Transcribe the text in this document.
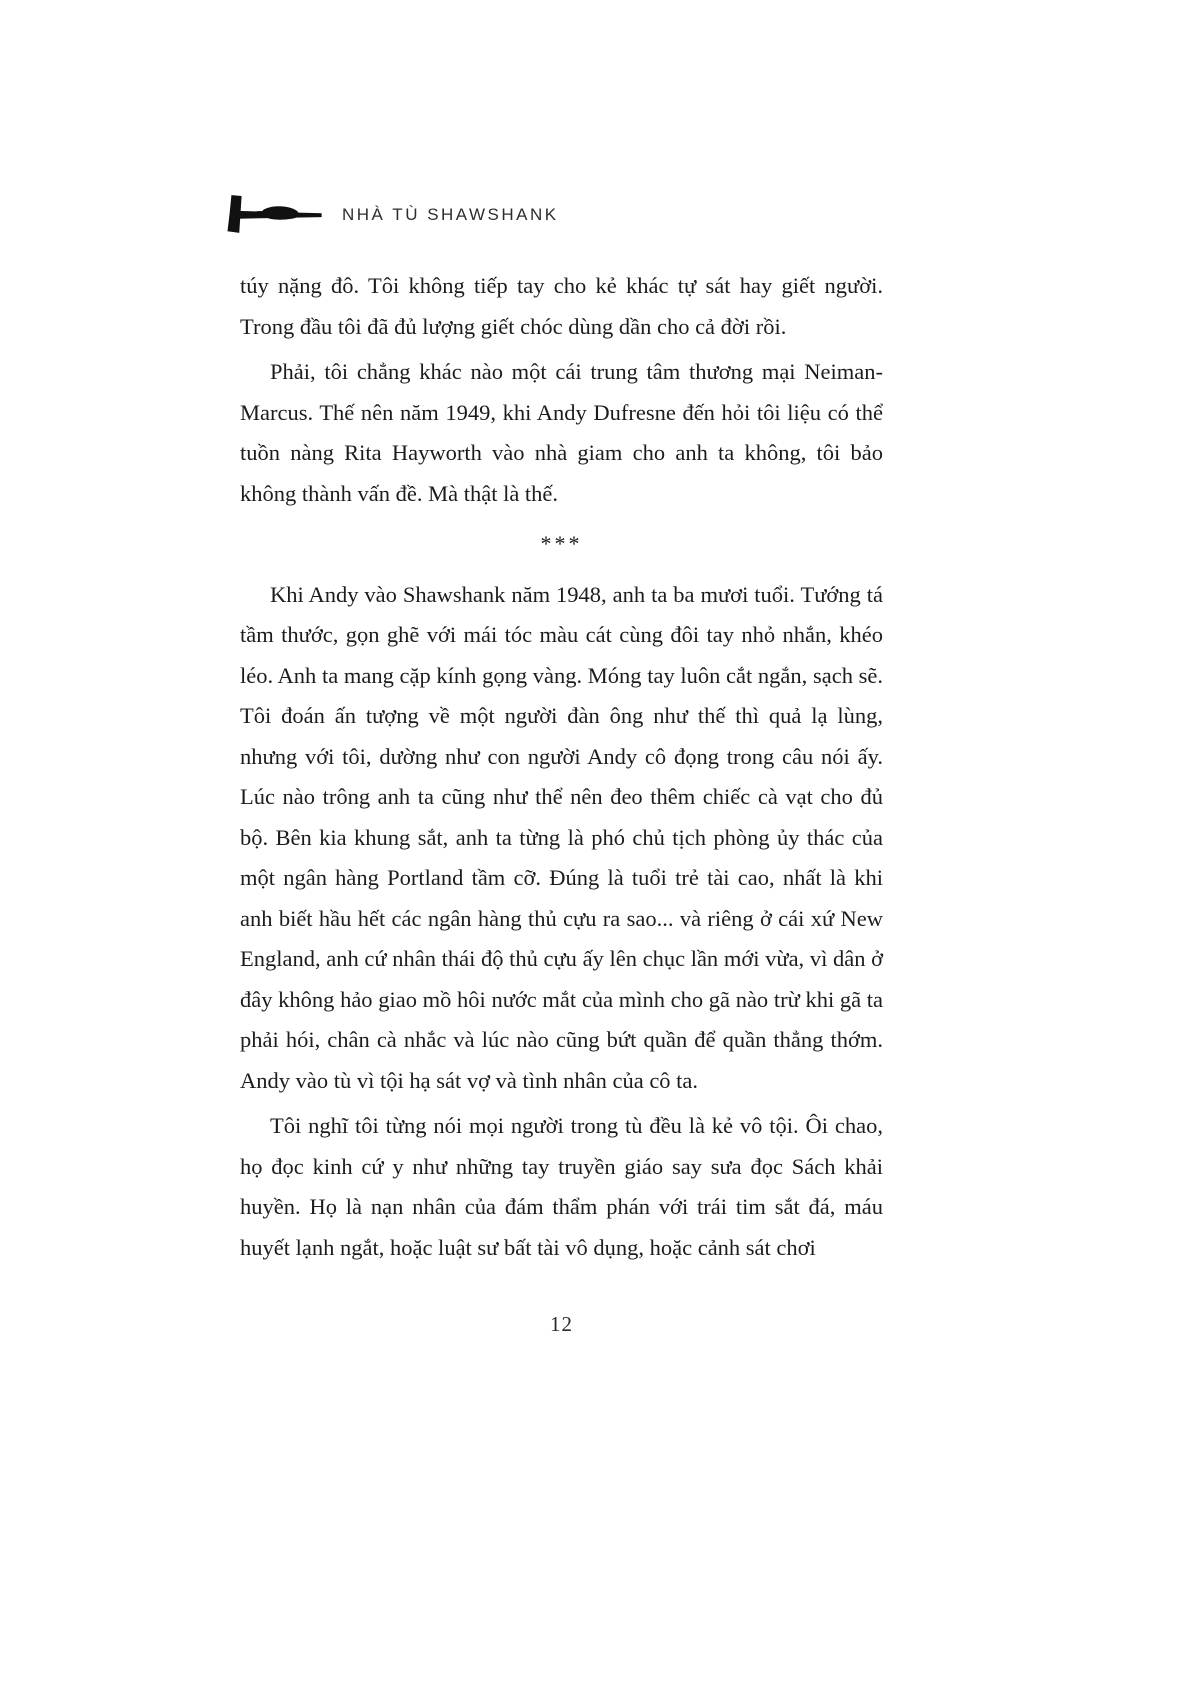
NHÀ TÙ SHAWSHANK

túy nặng đô. Tôi không tiếp tay cho kẻ khác tự sát hay giết người. Trong đầu tôi đã đủ lượng giết chóc dùng dần cho cả đời rồi.

Phải, tôi chẳng khác nào một cái trung tâm thương mại Neiman-Marcus. Thế nên năm 1949, khi Andy Dufresne đến hỏi tôi liệu có thể tuồn nàng Rita Hayworth vào nhà giam cho anh ta không, tôi bảo không thành vấn đề. Mà thật là thế.

***

Khi Andy vào Shawshank năm 1948, anh ta ba mươi tuổi. Tướng tá tầm thước, gọn ghẽ với mái tóc màu cát cùng đôi tay nhỏ nhắn, khéo léo. Anh ta mang cặp kính gọng vàng. Móng tay luôn cắt ngắn, sạch sẽ. Tôi đoán ấn tượng về một người đàn ông như thế thì quả lạ lùng, nhưng với tôi, dường như con người Andy cô đọng trong câu nói ấy. Lúc nào trông anh ta cũng như thể nên đeo thêm chiếc cà vạt cho đủ bộ. Bên kia khung sắt, anh ta từng là phó chủ tịch phòng ủy thác của một ngân hàng Portland tầm cỡ. Đúng là tuổi trẻ tài cao, nhất là khi anh biết hầu hết các ngân hàng thủ cựu ra sao... và riêng ở cái xứ New England, anh cứ nhân thái độ thủ cựu ấy lên chục lần mới vừa, vì dân ở đây không hảo giao mồ hôi nước mắt của mình cho gã nào trừ khi gã ta phải hói, chân cà nhắc và lúc nào cũng bứt quần để quần thẳng thớm. Andy vào tù vì tội hạ sát vợ và tình nhân của cô ta.

Tôi nghĩ tôi từng nói mọi người trong tù đều là kẻ vô tội. Ôi chao, họ đọc kinh cứ y như những tay truyền giáo say sưa đọc Sách khải huyền. Họ là nạn nhân của đám thẩm phán với trái tim sắt đá, máu huyết lạnh ngắt, hoặc luật sư bất tài vô dụng, hoặc cảnh sát chơi

12
